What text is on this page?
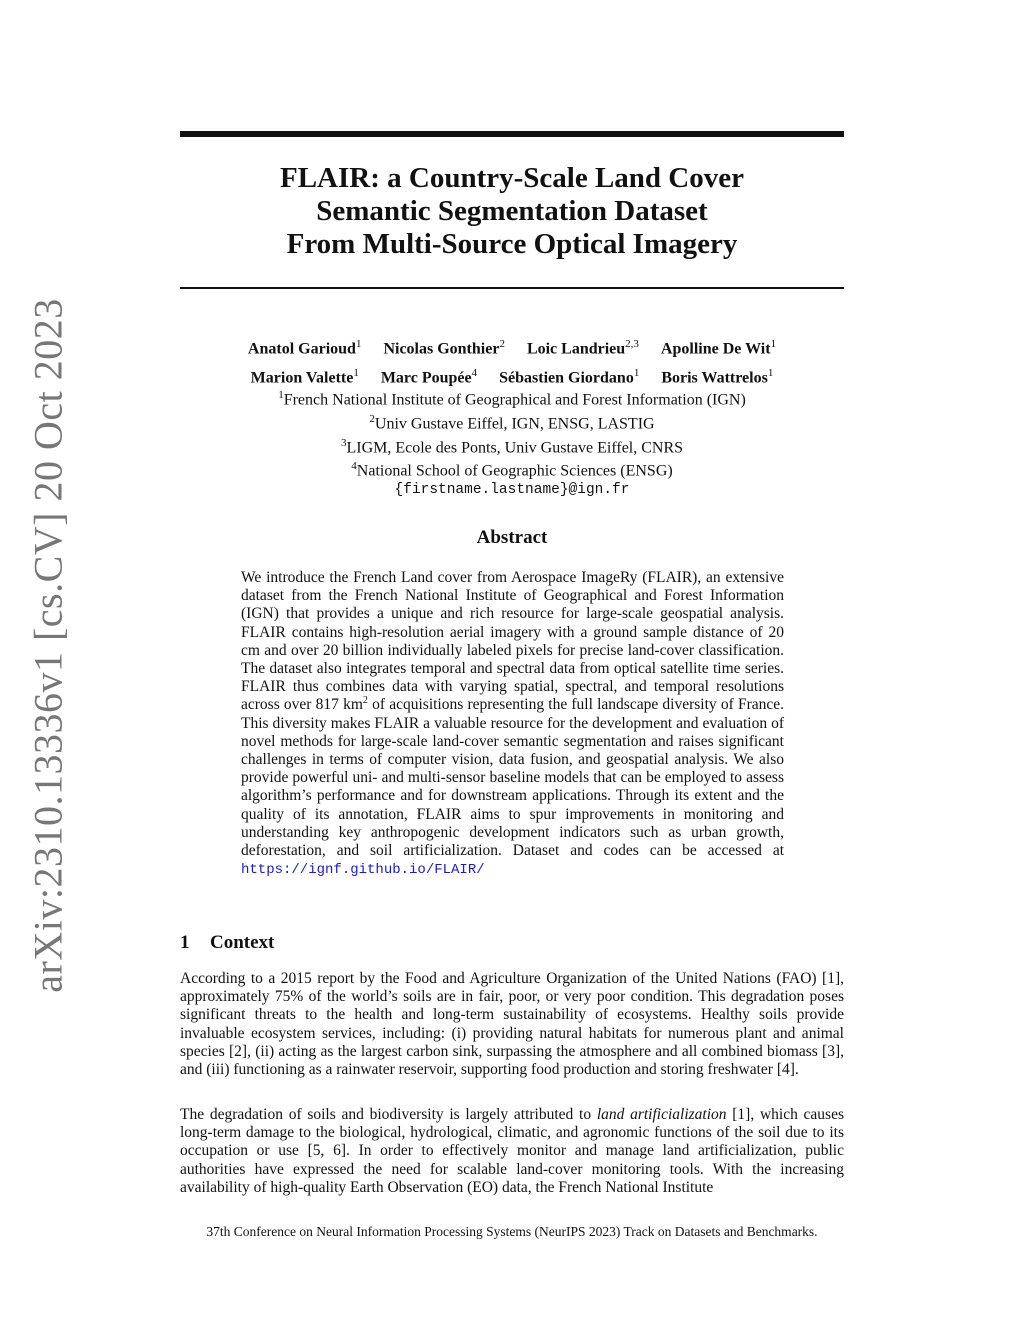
arXiv:2310.13336v1 [cs.CV] 20 Oct 2023
FLAIR: a Country-Scale Land Cover
Semantic Segmentation Dataset
From Multi-Source Optical Imagery
Anatol Garioud$^1$ Nicolas Gonthier$^2$ Loic Landrieu$^{2,3}$ Apolline De Wit$^1$
Marion Valette$^1$ Marc Poupée$^4$ Sébastien Giordano$^1$ Boris Wattrelos$^1$
$^1$French National Institute of Geographical and Forest Information (IGN)
$^2$Univ Gustave Eiffel, IGN, ENSG, LASTIG
$^3$LIGM, Ecole des Ponts, Univ Gustave Eiffel, CNRS
$^4$National School of Geographic Sciences (ENSG)
{firstname.lastname}@ign.fr
Abstract

We introduce the French Land cover from Aerospace ImageRy (FLAIR), an extensive dataset from the French National Institute of Geographical and Forest Information (IGN) that provides a unique and rich resource for large-scale geospatial analysis. FLAIR contains high-resolution aerial imagery with a ground sample distance of 20 cm and over 20 billion individually labeled pixels for precise land-cover classification. The dataset also integrates temporal and spectral data from optical satellite time series. FLAIR thus combines data with varying spatial, spectral, and temporal resolutions across over 817 $km^2$ of acquisitions representing the full landscape diversity of France. This diversity makes FLAIR a valuable resource for the development and evaluation of novel methods for large-scale land-cover semantic segmentation and raises significant challenges in terms of computer vision, data fusion, and geospatial analysis. We also provide powerful uni- and multi-sensor baseline models that can be employed to assess algorithm’s performance and for downstream applications. Through its extent and the quality of its annotation, FLAIR aims to spur improvements in monitoring and understanding key anthropogenic development indicators such as urban growth, deforestation, and soil artificialization. Dataset and codes can be accessed at https://ignf.github.io/FLAIR/

1 Context

According to a 2015 report by the Food and Agriculture Organization of the United Nations (FAO) [1], approximately 75% of the world’s soils are in fair, poor, or very poor condition. This degradation poses significant threats to the health and long-term sustainability of ecosystems. Healthy soils provide invaluable ecosystem services, including: (i) providing natural habitats for numerous plant and animal species [2], (ii) acting as the largest carbon sink, surpassing the atmosphere and all combined biomass [3], and (iii) functioning as a rainwater reservoir, supporting food production and storing freshwater [4].

The degradation of soils and biodiversity is largely attributed to land artificialization [1], which causes long-term damage to the biological, hydrological, climatic, and agronomic functions of the soil due to its occupation or use [5, 6]. In order to effectively monitor and manage land artificialization, public authorities have expressed the need for scalable land-cover monitoring tools. With the increasing availability of high-quality Earth Observation (EO) data, the French National Institute

37th Conference on Neural Information Processing Systems (NeurIPS 2023) Track on Datasets and Benchmarks.
